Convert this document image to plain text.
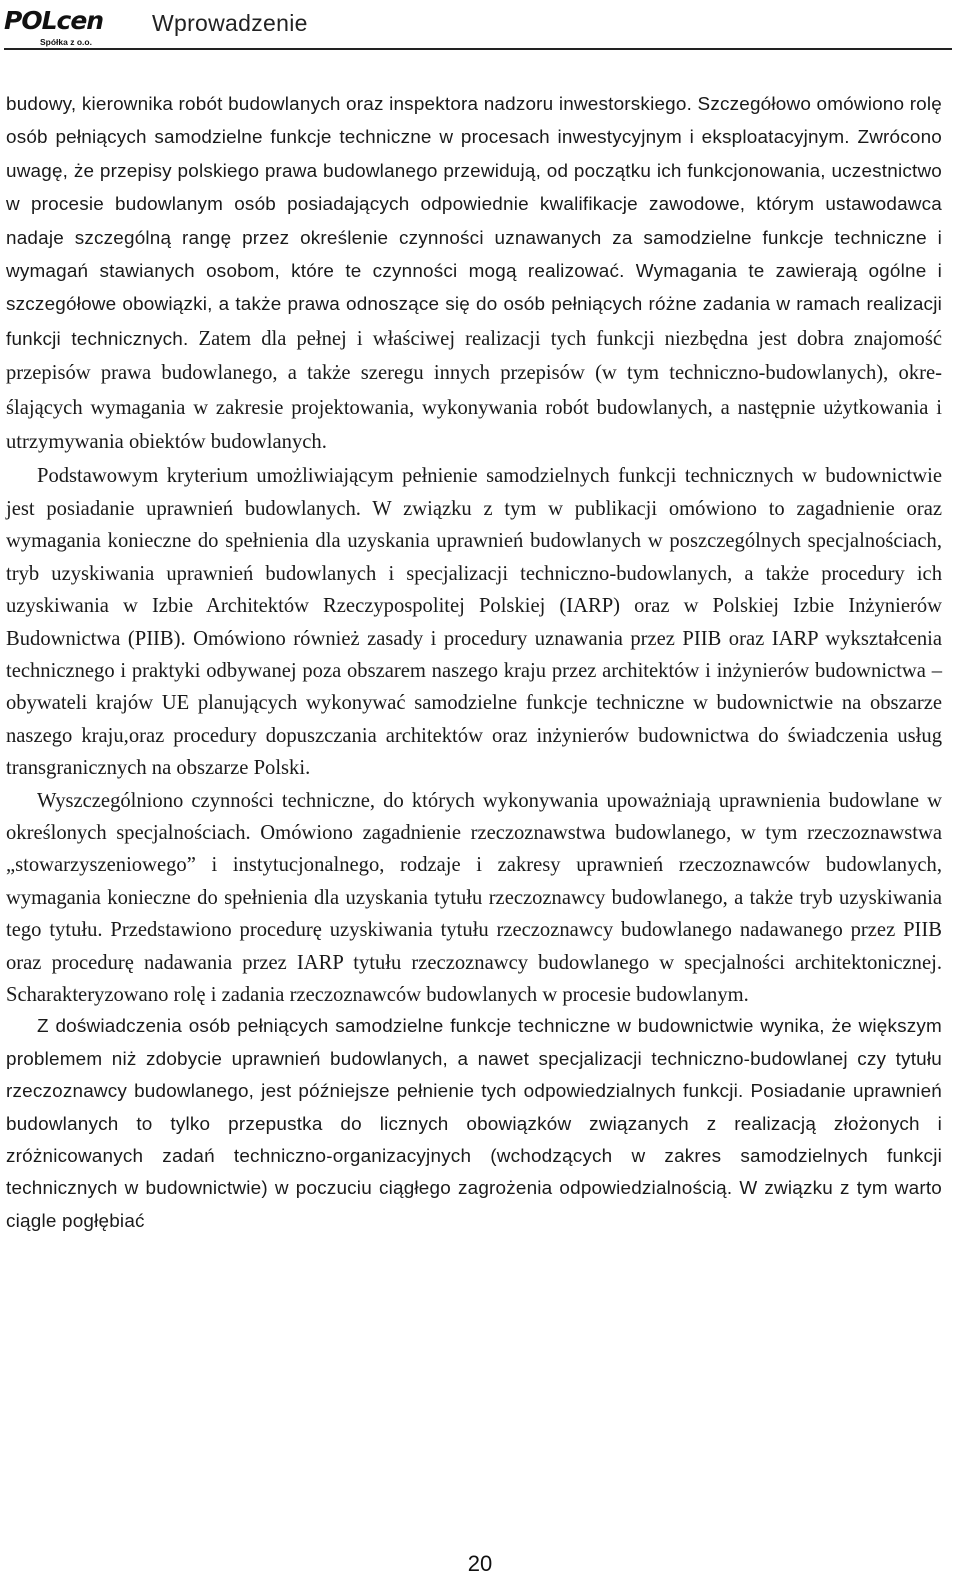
POLcen
Spółka z o.o.
Wprowadzenie

budowy, kierownika robót budowlanych oraz inspektora nadzoru inwestorskiego. Szczegółowo omówiono rolę osób pełniących samodzielne funkcje techniczne w procesach inwestycyjnym i eksploatacyjnym. Zwrócono uwagę, że przepisy polskiego prawa budowlanego przewidują, od początku ich funkcjonowania, uczestnictwo w procesie budowlanym osób posiadających odpowiednie kwalifikacje zawodowe, którym ustawodawca nadaje szczególną rangę przez określenie czynności uznawanych za samodzielne funkcje techniczne i wymagań stawianych osobom, które te czynności mogą realizować. Wymagania te zawierają ogólne i szczegółowe obowiązki, a także prawa odnoszące się do osób pełniących różne zadania w ramach realizacji funkcji technicznych. Zatem dla pełnej i właściwej realizacji tych funkcji niezbędna jest dobra znajomość przepisów prawa budowlanego, a także szeregu innych przepisów (w tym techniczno-budowlanych), określających wymagania w zakresie projektowania, wykonywania robót budowlanych, a następnie użytkowania i utrzymywania obiektów budowlanych.

Podstawowym kryterium umożliwiającym pełnienie samodzielnych funkcji technicznych w budownictwie jest posiadanie uprawnień budowlanych. W związku z tym w publikacji omówiono to zagadnienie oraz wymagania konieczne do spełnienia dla uzyskania uprawnień budowlanych w poszczególnych specjalnościach, tryb uzyskiwania uprawnień budowlanych i specjalizacji techniczno-budowlanych, a także procedury ich uzyskiwania w Izbie Architektów Rzeczypospolitej Polskiej (IARP) oraz w Polskiej Izbie Inżynierów Budownictwa (PIIB). Omówiono również zasady i procedury uznawania przez PIIB oraz IARP wykształcenia technicznego i praktyki odbywanej poza obszarem naszego kraju przez architektów i inżynierów budownictwa – obywateli krajów UE planujących wykonywać samodzielne funkcje techniczne w budownictwie na obszarze naszego kraju,oraz procedury dopuszczania architektów oraz inżynierów budownictwa do świadczenia usług transgranicznych na obszarze Polski.

Wyszczególniono czynności techniczne, do których wykonywania upoważniają uprawnienia budowlane w określonych specjalnościach. Omówiono zagadnienie rzeczoznawstwa budowlanego, w tym rzeczoznawstwa „stowarzyszeniowego” i instytucjonalnego, rodzaje i zakresy uprawnień rzeczoznawców budowlanych, wymagania konieczne do spełnienia dla uzyskania tytułu rzeczoznawcy budowlanego, a także tryb uzyskiwania tego tytułu. Przedstawiono procedurę uzyskiwania tytułu rzeczoznawcy budowlanego nadawanego przez PIIB oraz procedurę nadawania przez IARP tytułu rzeczoznawcy budowlanego w specjalności architektonicznej. Scharakteryzowano rolę i zadania rzeczoznawców budowlanych w procesie budowlanym.

Z doświadczenia osób pełniących samodzielne funkcje techniczne w budownictwie wynika, że większym problemem niż zdobycie uprawnień budowlanych, a nawet specjalizacji techniczno-budowlanej czy tytułu rzeczoznawcy budowlanego, jest późniejsze pełnienie tych odpowiedzialnych funkcji. Posiadanie uprawnień budowlanych to tylko przepustka do licznych obowiązków związanych z realizacją złożonych i zróżnicowanych zadań techniczno-organizacyjnych (wchodzących w zakres samodzielnych funkcji technicznych w budownictwie) w poczuciu ciągłego zagrożenia odpowiedzialnością. W związku z tym warto ciągle pogłębiać

20
